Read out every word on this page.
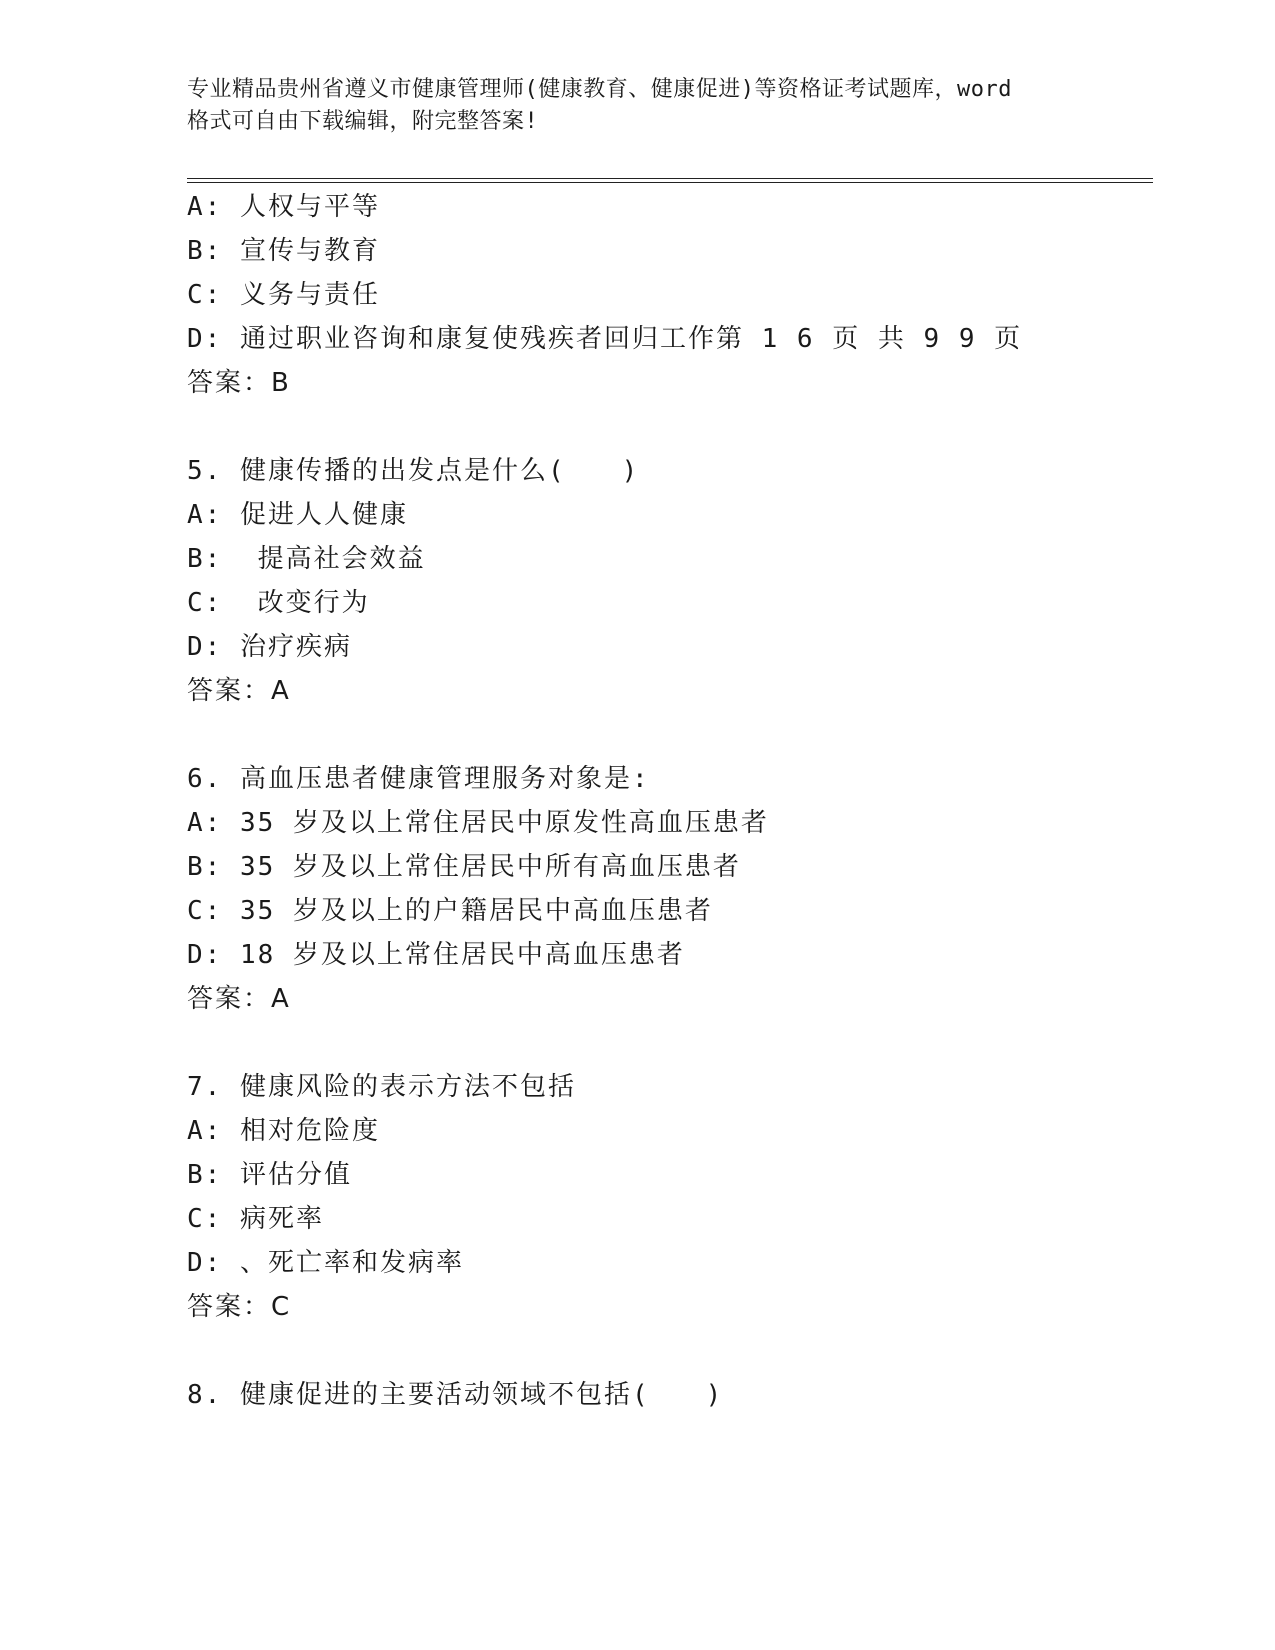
专业精品贵州省遵义市健康管理师(健康教育、健康促进)等资格证考试题库，word
格式可自由下载编辑，附完整答案!
A: 人权与平等
B: 宣传与教育
C: 义务与责任
D: 通过职业咨询和康复使残疾者回归工作第 1 6 页 共 9 9 页
答案：B
5. 健康传播的出发点是什么(　　)
A: 促进人人健康
B:  提高社会效益
C:  改变行为
D: 治疗疾病
答案：A
6. 高血压患者健康管理服务对象是:
A: 35 岁及以上常住居民中原发性高血压患者
B: 35 岁及以上常住居民中所有高血压患者
C: 35 岁及以上的户籍居民中高血压患者
D: 18 岁及以上常住居民中高血压患者
答案：A
7. 健康风险的表示方法不包括
A: 相对危险度
B: 评估分值
C: 病死率
D: 、死亡率和发病率
答案：C
8. 健康促进的主要活动领域不包括(　　)
